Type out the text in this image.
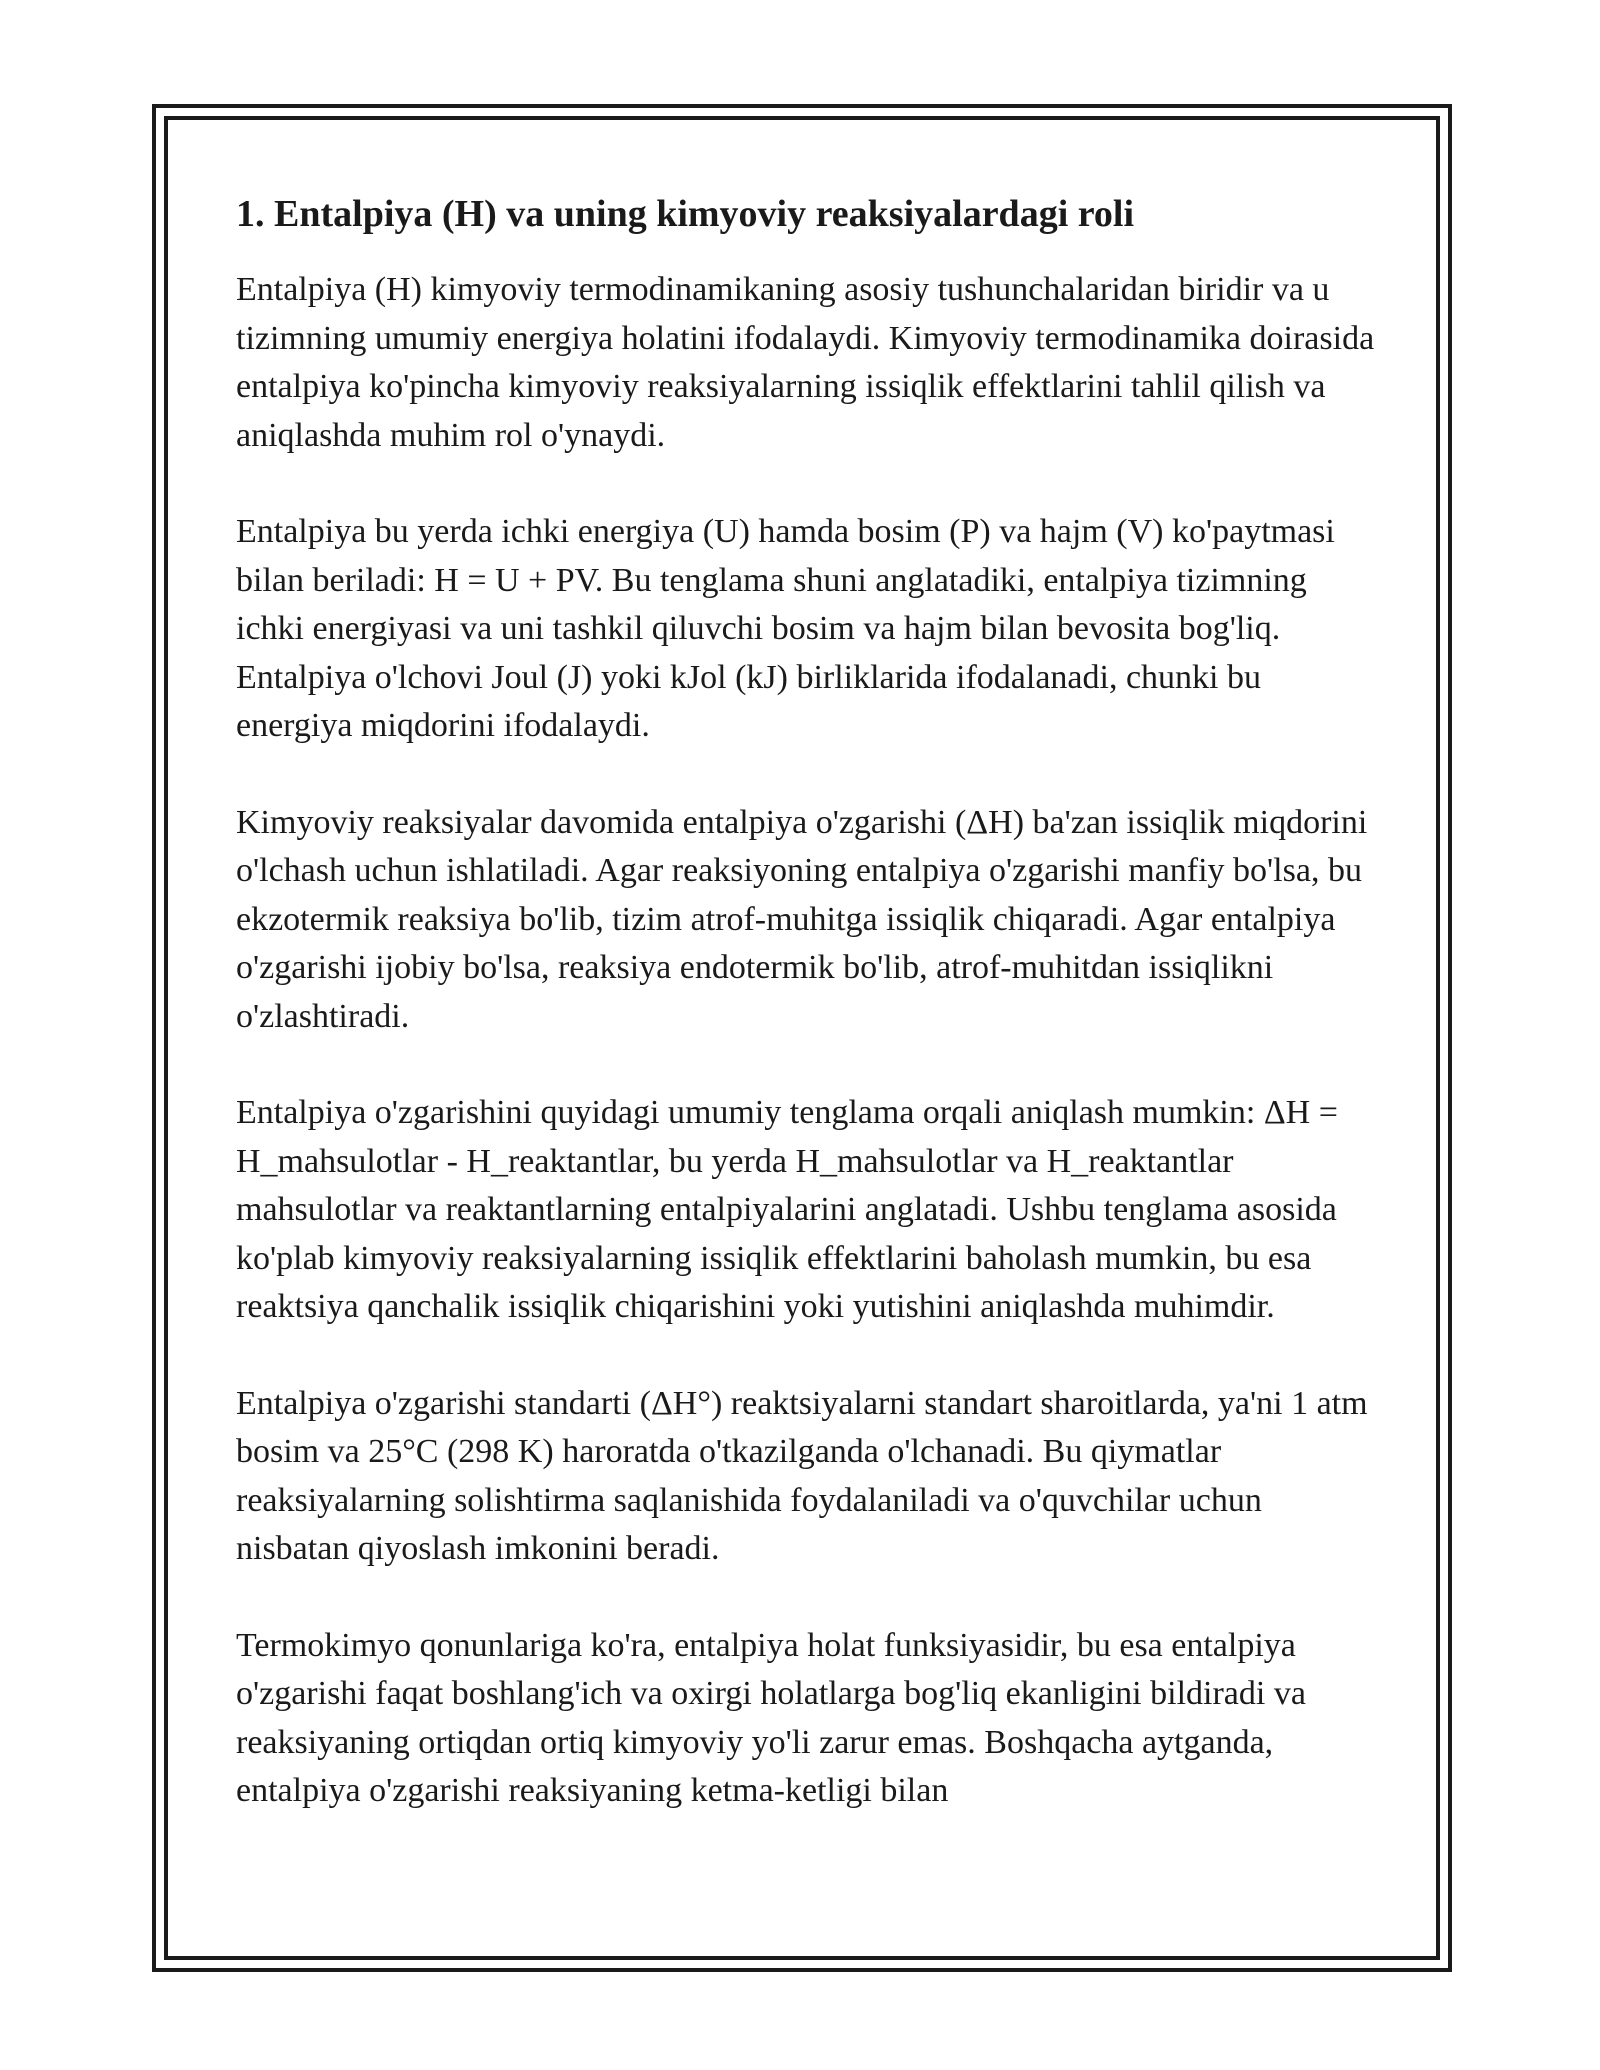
1. Entalpiya (H) va uning kimyoviy reaksiyalardagi roli

Entalpiya (H) kimyoviy termodinamikaning asosiy tushunchalaridan biridir va u tizimning umumiy energiya holatini ifodalaydi. Kimyoviy termodinamika doirasida entalpiya ko'pincha kimyoviy reaksiyalarning issiqlik effektlarini tahlil qilish va aniqlashda muhim rol o'ynaydi.

Entalpiya bu yerda ichki energiya (U) hamda bosim (P) va hajm (V) ko'paytmasi bilan beriladi: H = U + PV. Bu tenglama shuni anglatadiki, entalpiya tizimning ichki energiyasi va uni tashkil qiluvchi bosim va hajm bilan bevosita bog'liq. Entalpiya o'lchovi Joul (J) yoki kJol (kJ) birliklarida ifodalanadi, chunki bu energiya miqdorini ifodalaydi.

Kimyoviy reaksiyalar davomida entalpiya o'zgarishi (ΔH) ba'zan issiqlik miqdorini o'lchash uchun ishlatiladi. Agar reaksiyoning entalpiya o'zgarishi manfiy bo'lsa, bu ekzotermik reaksiya bo'lib, tizim atrof-muhitga issiqlik chiqaradi. Agar entalpiya o'zgarishi ijobiy bo'lsa, reaksiya endotermik bo'lib, atrof-muhitdan issiqlikni o'zlashtiradi.

Entalpiya o'zgarishini quyidagi umumiy tenglama orqali aniqlash mumkin: ΔH = H_mahsulotlar - H_reaktantlar, bu yerda H_mahsulotlar va H_reaktantlar mahsulotlar va reaktantlarning entalpiyalarini anglatadi. Ushbu tenglama asosida ko'plab kimyoviy reaksiyalarning issiqlik effektlarini baholash mumkin, bu esa reaktsiya qanchalik issiqlik chiqarishini yoki yutishini aniqlashda muhimdir.

Entalpiya o'zgarishi standarti (ΔH°) reaktsiyalarni standart sharoitlarda, ya'ni 1 atm bosim va 25°C (298 K) haroratda o'tkazilganda o'lchanadi. Bu qiymatlar reaksiyalarning solishtirma saqlanishida foydalaniladi va o'quvchilar uchun nisbatan qiyoslash imkonini beradi.

Termokimyo qonunlariga ko'ra, entalpiya holat funksiyasidir, bu esa entalpiya o'zgarishi faqat boshlang'ich va oxirgi holatlarga bog'liq ekanligini bildiradi va reaksiyaning ortiqdan ortiq kimyoviy yo'li zarur emas. Boshqacha aytganda, entalpiya o'zgarishi reaksiyaning ketma-ketligi bilan
